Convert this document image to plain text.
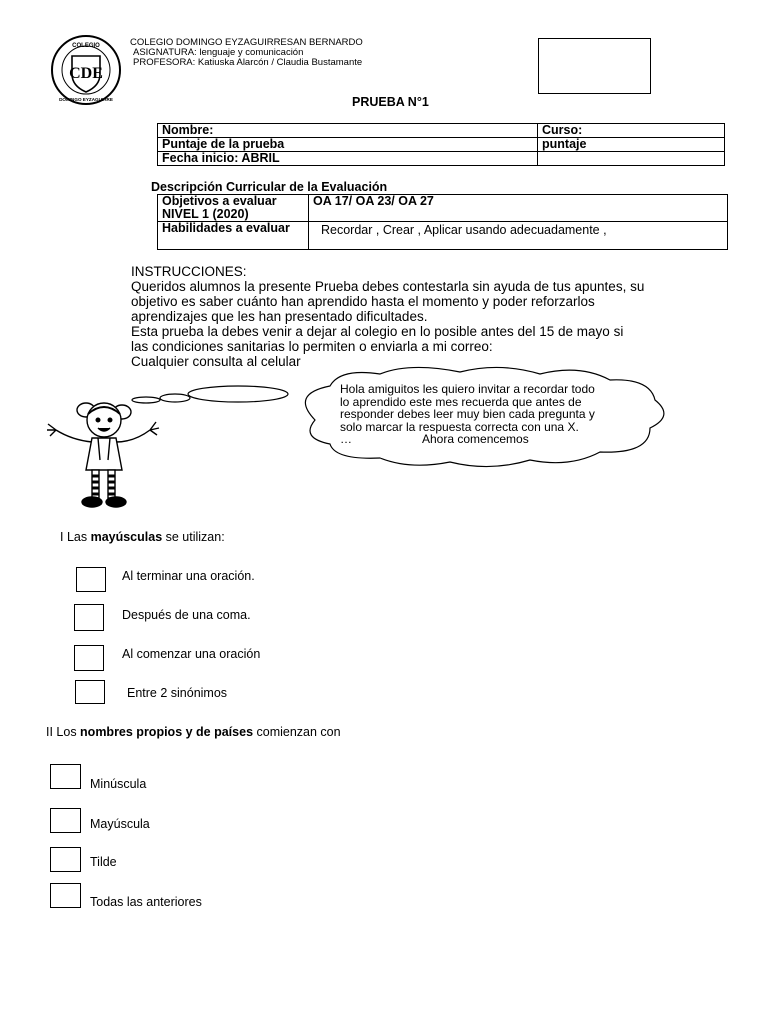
CDE
COLEGIO
DOMINGO EYZAGUIRRE
COLEGIO DOMINGO EYZAGUIRRESAN BERNARDO
ASIGNATURA: lenguaje y comunicación
PROFESORA: Katiuska Alarcón / Claudia Bustamante
PRUEBA N°1
Nombre:	Curso:
Puntaje de la prueba	puntaje
Fecha inicio: ABRIL	
Descripción Curricular de la Evaluación
Objetivos a evaluar
NIVEL 1 (2020)	OA 17/ OA 23/ OA 27
Habilidades a evaluar	Recordar , Crear , Aplicar usando adecuadamente ,
INSTRUCCIONES:
Queridos alumnos la presente Prueba debes contestarla sin ayuda de tus apuntes, su
objetivo es saber cuánto han aprendido hasta el momento y poder reforzarlos
aprendizajes que les han presentado dificultades.
Esta prueba la debes venir a dejar al colegio en lo posible antes del 15 de mayo si
las condiciones sanitarias lo permiten o enviarla a mi correo:
Cualquier consulta al celular
Hola amiguitos les quiero invitar a recordar todo
lo aprendido este mes recuerda que antes de
responder debes leer muy bien cada pregunta y
solo marcar la respuesta correcta con una X.
…	Ahora comencemos
I Las mayúsculas se utilizan:
Al terminar una oración.
Después de una coma.
Al comenzar una oración
Entre 2 sinónimos
II Los nombres propios y de países comienzan con
Minúscula
Mayúscula
Tilde
Todas las anteriores
